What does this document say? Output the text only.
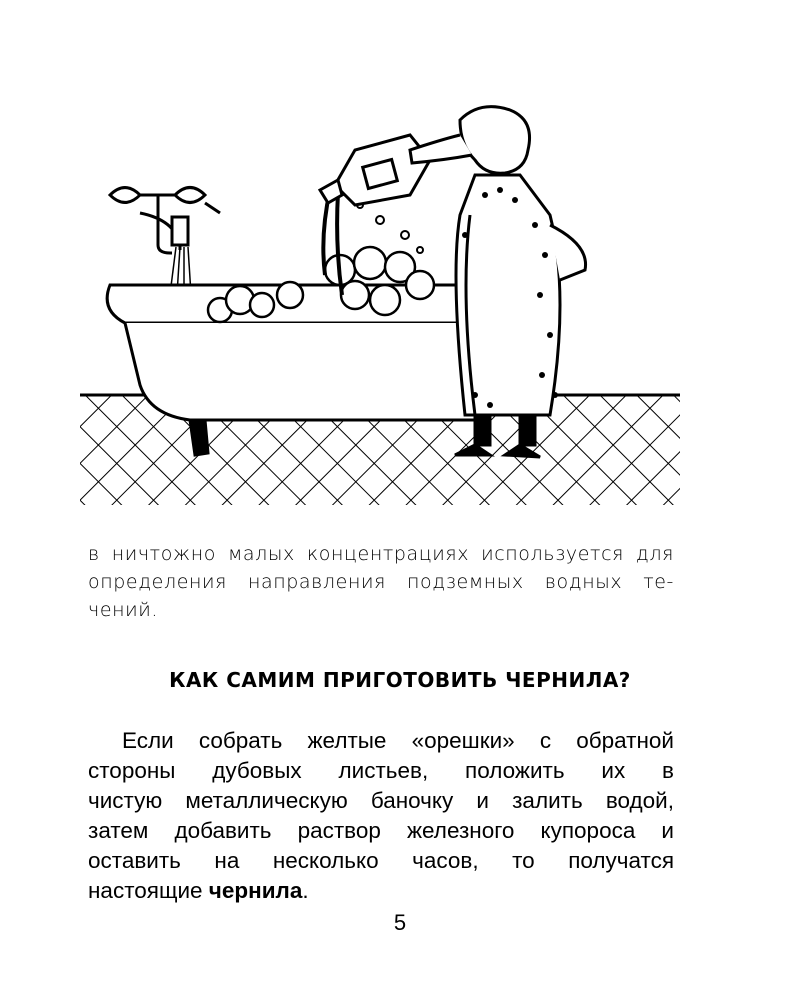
в ничтожно малых концентрациях используется для
определения направления подземных водных те-
чений.
КАК САМИМ ПРИГОТОВИТЬ ЧЕРНИЛА?
Если собрать желтые «орешки» с обратной
стороны дубовых листьев, положить их в
чистую металлическую баночку и залить водой,
затем добавить раствор железного купороса и
оставить на несколько часов, то получатся
настоящие чернила.
5
